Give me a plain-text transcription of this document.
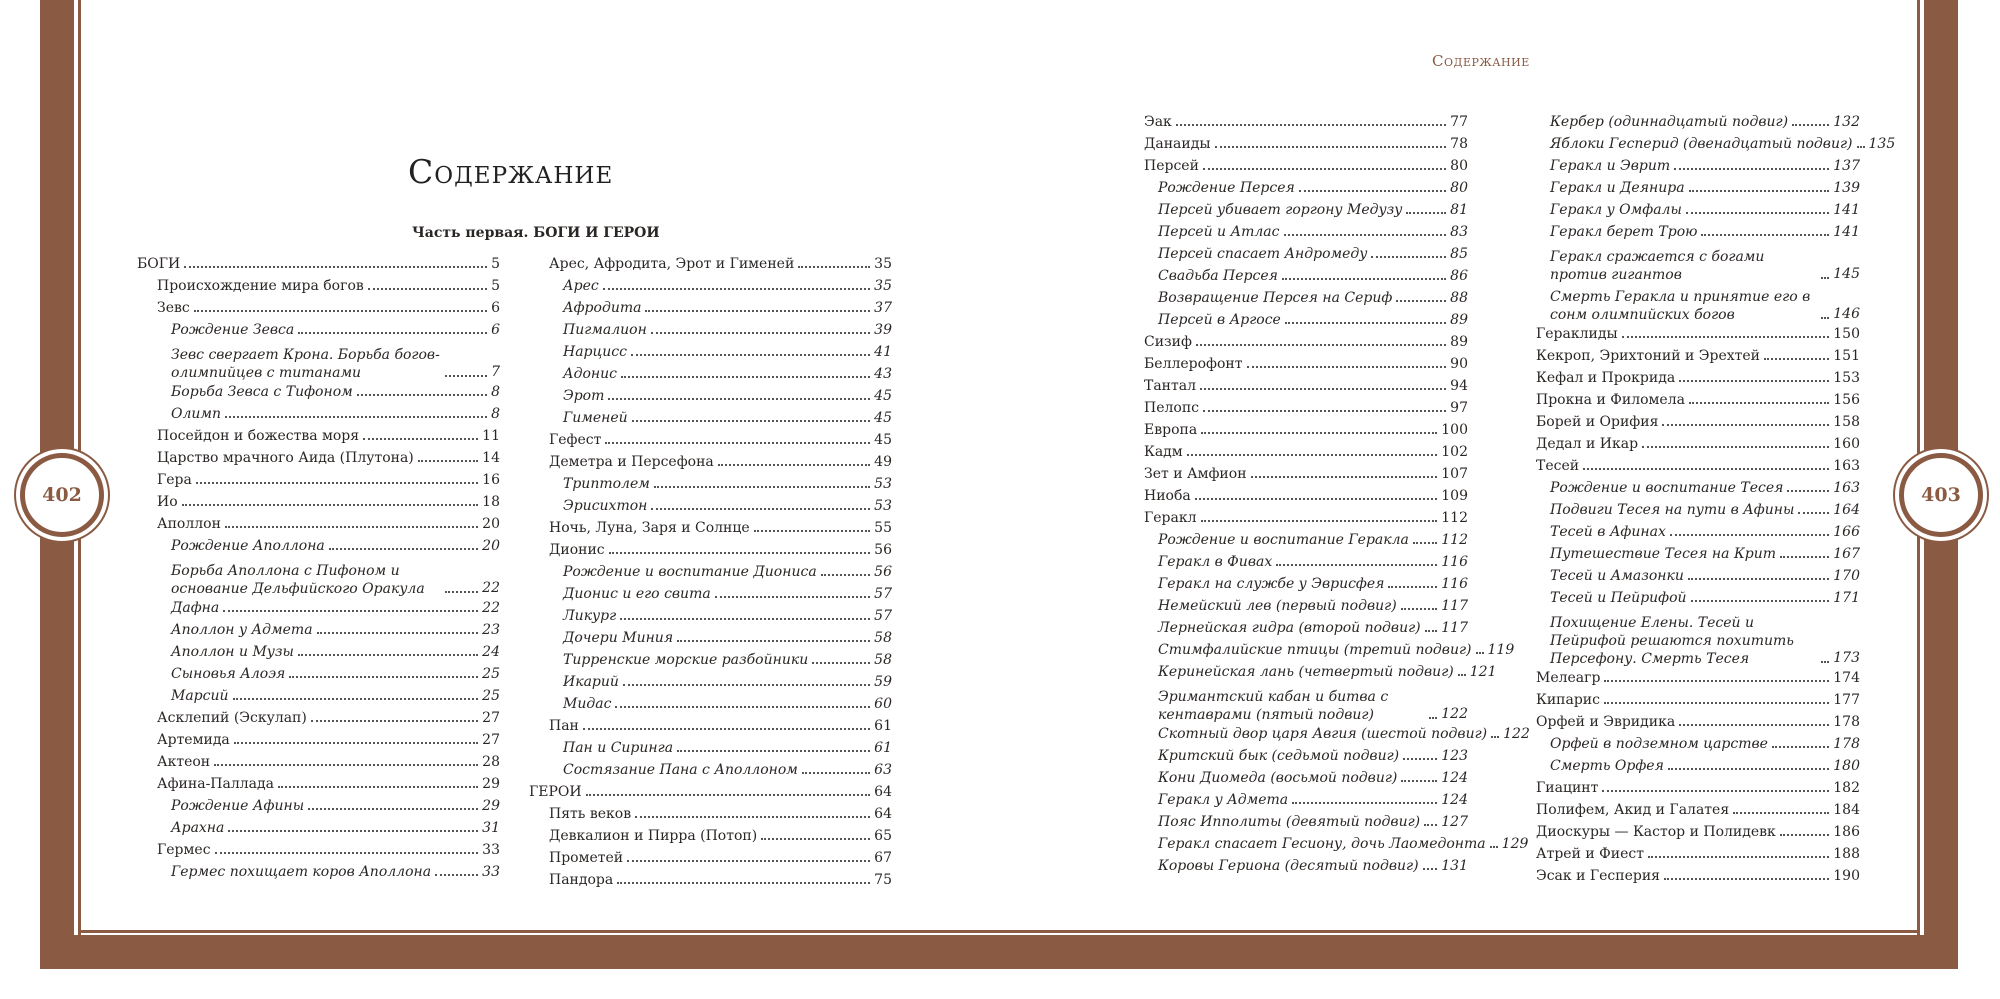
402	403
Содержание
Часть первая. БОГИ И ГЕРОИ
Содержание
БОГИ	5
Происхождение мира богов	5
Зевс	6
Рождение Зевса	6
Зевс свергает Крона. Борьба богов-олимпийцев с титанами	7
Борьба Зевса с Тифоном	8
Олимп	8
Посейдон и божества моря	11
Царство мрачного Аида (Плутона)	14
Гера	16
Ио	18
Аполлон	20
Рождение Аполлона	20
Борьба Аполлона с Пифоном и основание Дельфийского Оракула	22
Дафна	22
Аполлон у Адмета	23
Аполлон и Музы	24
Сыновья Алоэя	25
Марсий	25
Асклепий (Эскулап)	27
Артемида	27
Актеон	28
Афина-Паллада	29
Рождение Афины	29
Арахна	31
Гермес	33
Гермес похищает коров Аполлона	33
Арес, Афродита, Эрот и Гименей	35
Арес	35
Афродита	37
Пигмалион	39
Нарцисс	41
Адонис	43
Эрот	45
Гименей	45
Гефест	45
Деметра и Персефона	49
Триптолем	53
Эрисихтон	53
Ночь, Луна, Заря и Солнце	55
Дионис	56
Рождение и воспитание Диониса	56
Дионис и его свита	57
Ликург	57
Дочери Миния	58
Тирренские морские разбойники	58
Икарий	59
Мидас	60
Пан	61
Пан и Сиринга	61
Состязание Пана с Аполлоном	63
ГЕРОИ	64
Пять веков	64
Девкалион и Пирра (Потоп)	65
Прометей	67
Пандора	75
Эак	77
Данаиды	78
Персей	80
Рождение Персея	80
Персей убивает горгону Медузу	81
Персей и Атлас	83
Персей спасает Андромеду	85
Свадьба Персея	86
Возвращение Персея на Сериф	88
Персей в Аргосе	89
Сизиф	89
Беллерофонт	90
Тантал	94
Пелопс	97
Европа	100
Кадм	102
Зет и Амфион	107
Ниоба	109
Геракл	112
Рождение и воспитание Геракла 112
Геракл в Фивах	116
Геракл на службе у Эврисфея	116
Немейский лев (первый подвиг)	117
Лернейская гидра (второй подвиг) 117
Стимфалийские птицы (третий подвиг) 119
Керинейская лань (четвертый подвиг) 121
Эримантский кабан и битва с кентаврами (пятый подвиг)	122
Скотный двор царя Авгия (шестой подвиг) 122
Критский бык (седьмой подвиг)	123
Кони Диомеда (восьмой подвиг)	124
Геракл у Адмета	124
Пояс Ипполиты (девятый подвиг) 127
Геракл спасает Гесиону, дочь Лаомедонта 129
Коровы Гериона (десятый подвиг) 131
Кербер (одиннадцатый подвиг)	132
Яблоки Гесперид (двенадцатый подвиг) 135
Геракл и Эврит	137
Геракл и Деянира	139
Геракл у Омфалы	141
Геракл берет Трою	141
Геракл сражается с богами против гигантов	145
Смерть Геракла и принятие его в сонм олимпийских богов	146
Гераклиды	150
Кекроп, Эрихтоний и Эрехтей	151
Кефал и Прокрида	153
Прокна и Филомела	156
Борей и Орифия	158
Дедал и Икар	160
Тесей	163
Рождение и воспитание Тесея	163
Подвиги Тесея на пути в Афины	164
Тесей в Афинах	166
Путешествие Тесея на Крит	167
Тесей и Амазонки	170
Тесей и Пейрифой	171
Похищение Елены. Тесей и Пейрифой решаются похитить Персефону. Смерть Тесея	173
Мелеагр	174
Кипарис	177
Орфей и Эвридика	178
Орфей в подземном царстве	178
Смерть Орфея	180
Гиацинт	182
Полифем, Акид и Галатея	184
Диоскуры — Кастор и Полидевк	186
Атрей и Фиест	188
Эсак и Гесперия	190
